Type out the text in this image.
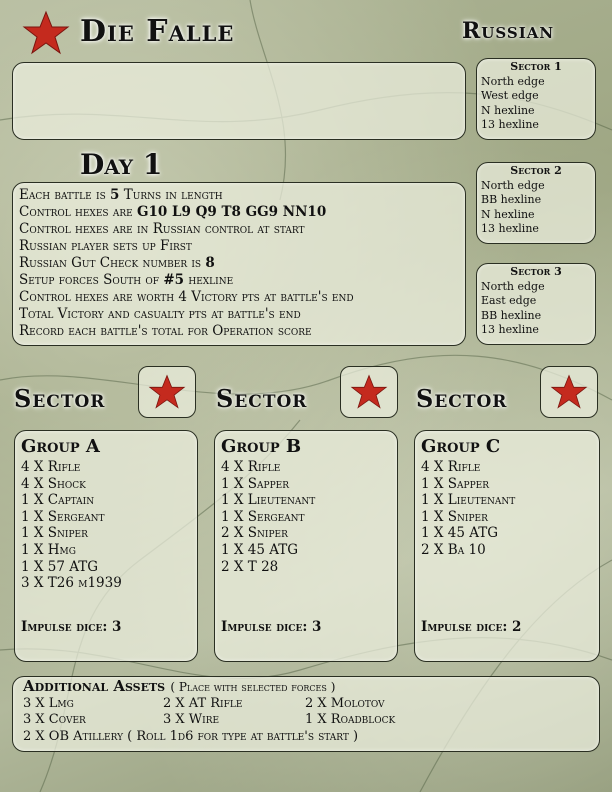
Die Falle	Russian
Sector 1
North edge
West edge
N hexline
13 hexline
Sector 2
North edge
BB hexline
N hexline
13 hexline
Sector 3
North edge
East edge
BB hexline
13 hexline
Day 1
Each battle is 5 Turns in length
Control hexes are G10 L9 Q9 T8 GG9 NN10
Control hexes are in Russian control at start
Russian player sets up First
Russian Gut Check number is 8
Setup forces South of #5 hexline
Control hexes are worth 4 Victory pts at battle's end
Total Victory and casualty pts at battle's end
Record each battle's total for Operation score
Sector	Sector	Sector
Group A
4 X Rifle
4 X Shock
1 X Captain
1 X Sergeant
1 X Sniper
1 X Hmg
1 X 57 ATG
3 X T26 m1939
Impulse dice: 3
Group B
4 X Rifle
1 X Sapper
1 X Lieutenant
1 X Sergeant
2 X Sniper
1 X 45 ATG
2 X T 28
Impulse dice: 3
Group C
4 X Rifle
1 X Sapper
1 X Lieutenant
1 X Sniper
1 X 45 ATG
2 X Ba 10
Impulse dice: 2
Additional Assets ( Place with selected forces )
3 X Lmg	2 X AT Rifle	2 X Molotov
3 X Cover	3 X Wire	1 X Roadblock
2 X OB Atillery ( Roll 1d6 for type at battle's start )
